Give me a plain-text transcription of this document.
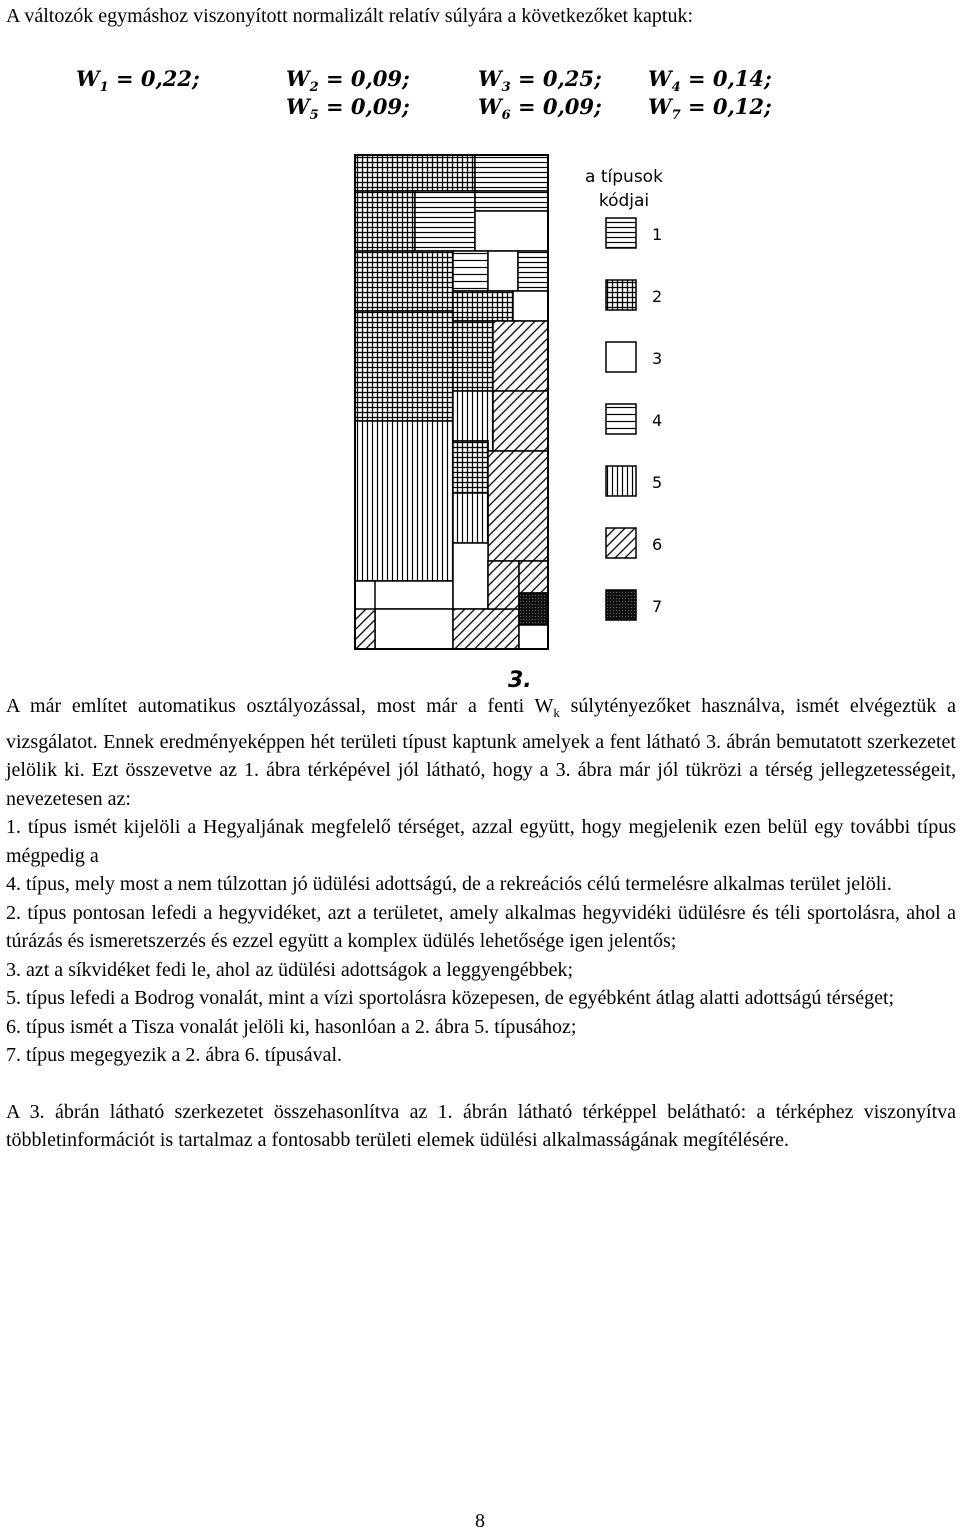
A változók egymáshoz viszonyított normalizált relatív súlyára a következőket kaptuk:

$W_1 = 0,22$;	$W_2 = 0,09$;	$W_3 = 0,25$; $W_4 = 0,14$;
$W_5 = 0,09$;	$W_6 = 0,09$; $W_7 = 0,12$;
1
2
3
4
5
6
7
a típusok
kódjai
3.

A már említet automatikus osztályozással, most már a fenti $W_k$ súlytényezőket használva, ismét elvégeztük a vizsgálatot. Ennek eredményeképpen hét területi típust kaptunk amelyek a fent látható 3. ábrán bemutatott szerkezetet jelölik ki. Ezt összevetve az 1. ábra térképével jól látható, hogy a 3. ábra már jól tükrözi a térség jellegzetességeit, nevezetesen az:

1. típus ismét kijelöli a Hegyaljának megfelelő térséget, azzal együtt, hogy megjelenik ezen belül egy további típus mégpedig a

4. típus, mely most a nem túlzottan jó üdülési adottságú, de a rekreációs célú termelésre alkalmas terület jelöli.

2. típus pontosan lefedi a hegyvidéket, azt a területet, amely alkalmas hegyvidéki üdülésre és téli sportolásra, ahol a túrázás és ismeretszerzés és ezzel együtt a komplex üdülés lehetősége igen jelentős;

3. azt a síkvidéket fedi le, ahol az üdülési adottságok a leggyengébbek;

5. típus lefedi a Bodrog vonalát, mint a vízi sportolásra közepesen, de egyébként átlag alatti adottságú térséget;

6. típus ismét a Tisza vonalát jelöli ki, hasonlóan a 2. ábra 5. típusához;

7. típus megegyezik a 2. ábra 6. típusával.

A 3. ábrán látható szerkezetet összehasonlítva az 1. ábrán látható térképpel belátható: a térképhez viszonyítva többletinformációt is tartalmaz a fontosabb területi elemek üdülési alkalmasságának megítélésére.

8
